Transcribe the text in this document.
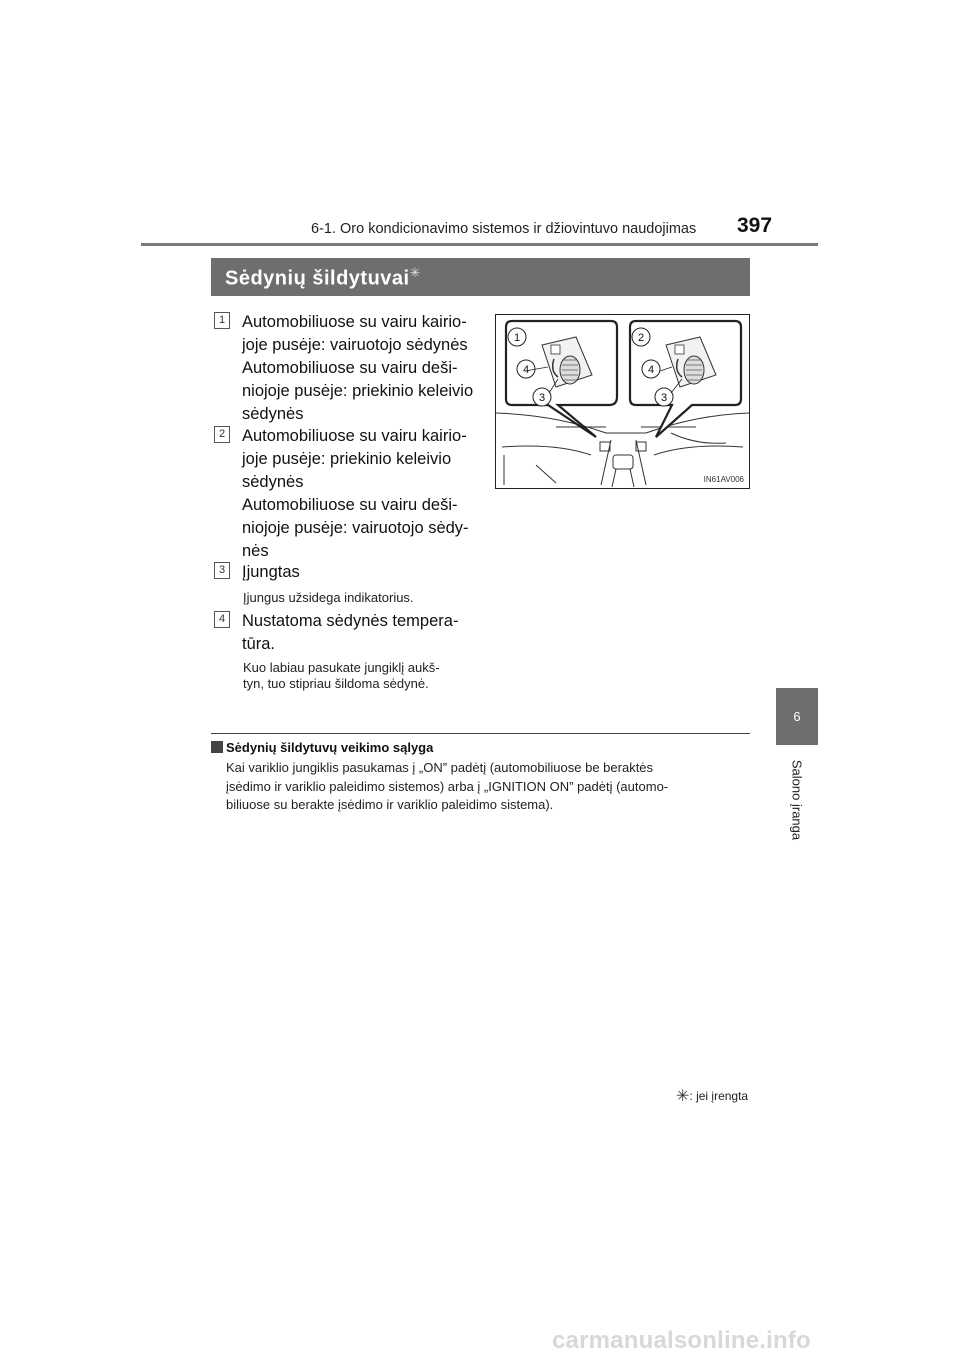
6-1. Oro kondicionavimo sistemos ir džiovintuvo naudojimas 397
6
Salono įranga
Sėdynių šildytuvai✳
1 Automobiliuose su vairu kairio-
joje pusėje: vairuotojo sėdynės
Automobiliuose su vairu deši-
niojoje pusėje: priekinio keleivio
sėdynės
2 Automobiliuose su vairu kairio-
joje pusėje: priekinio keleivio
sėdynės
Automobiliuose su vairu deši-
niojoje pusėje: vairuotojo sėdy-
nės
3 Įjungtas
Įjungus užsidega indikatorius.
4 Nustatoma sėdynės tempera-
tūra.
Kuo labiau pasukate jungiklį aukš-
tyn, tuo stipriau šildoma sėdynė.
1
4
3
2
4
3
IN61AV006
Sėdynių šildytuvų veikimo sąlyga
Kai variklio jungiklis pasukamas į „ON” padėtį (automobiliuose be beraktės
įsėdimo ir variklio paleidimo sistemos) arba į „IGNITION ON” padėtį (automo-
biliuose su berakte įsėdimo ir variklio paleidimo sistema).
✳: jei įrengta
carmanualsonline.info
